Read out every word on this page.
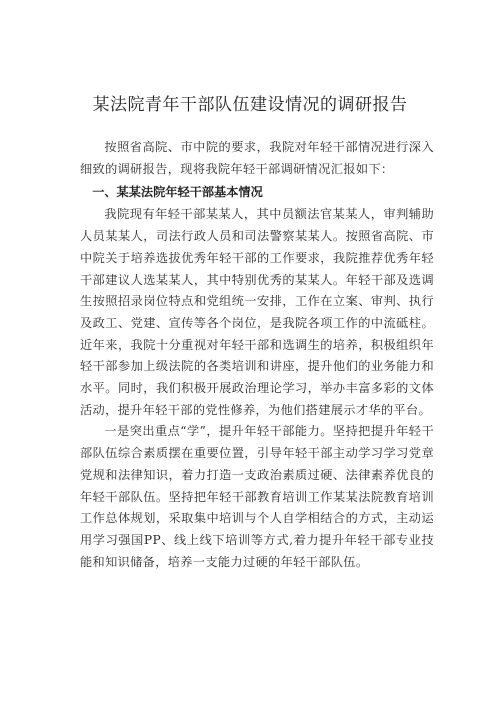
某法院青年干部队伍建设情况的调研报告

按照省高院、市中院的要求，我院对年轻干部情况进行深入细致的调研报告，现将我院年轻干部调研情况汇报如下：

一、某某法院年轻干部基本情况

我院现有年轻干部某某人，其中员额法官某某人，审判辅助人员某某人，司法行政人员和司法警察某某人。按照省高院、市中院关于培养选拔优秀年轻干部的工作要求，我院推荐优秀年轻干部建议人选某某人，其中特别优秀的某某人。年轻干部及选调生按照招录岗位特点和党组统一安排，工作在立案、审判、执行及政工、党建、宣传等各个岗位，是我院各项工作的中流砥柱。近年来，我院十分重视对年轻干部和选调生的培养，积极组织年轻干部参加上级法院的各类培训和讲座，提升他们的业务能力和水平。同时，我们积极开展政治理论学习，举办丰富多彩的文体活动，提升年轻干部的党性修养，为他们搭建展示才华的平台。

一是突出重点“学”，提升年轻干部能力。坚持把提升年轻干部队伍综合素质摆在重要位置，引导年轻干部主动学习学习党章党规和法律知识，着力打造一支政治素质过硬、法律素养优良的年轻干部队伍。坚持把年轻干部教育培训工作某某法院教育培训工作总体规划，采取集中培训与个人自学相结合的方式，主动运用学习强国PP、线上线下培训等方式,着力提升年轻干部专业技能和知识储备，培养一支能力过硬的年轻干部队伍。
